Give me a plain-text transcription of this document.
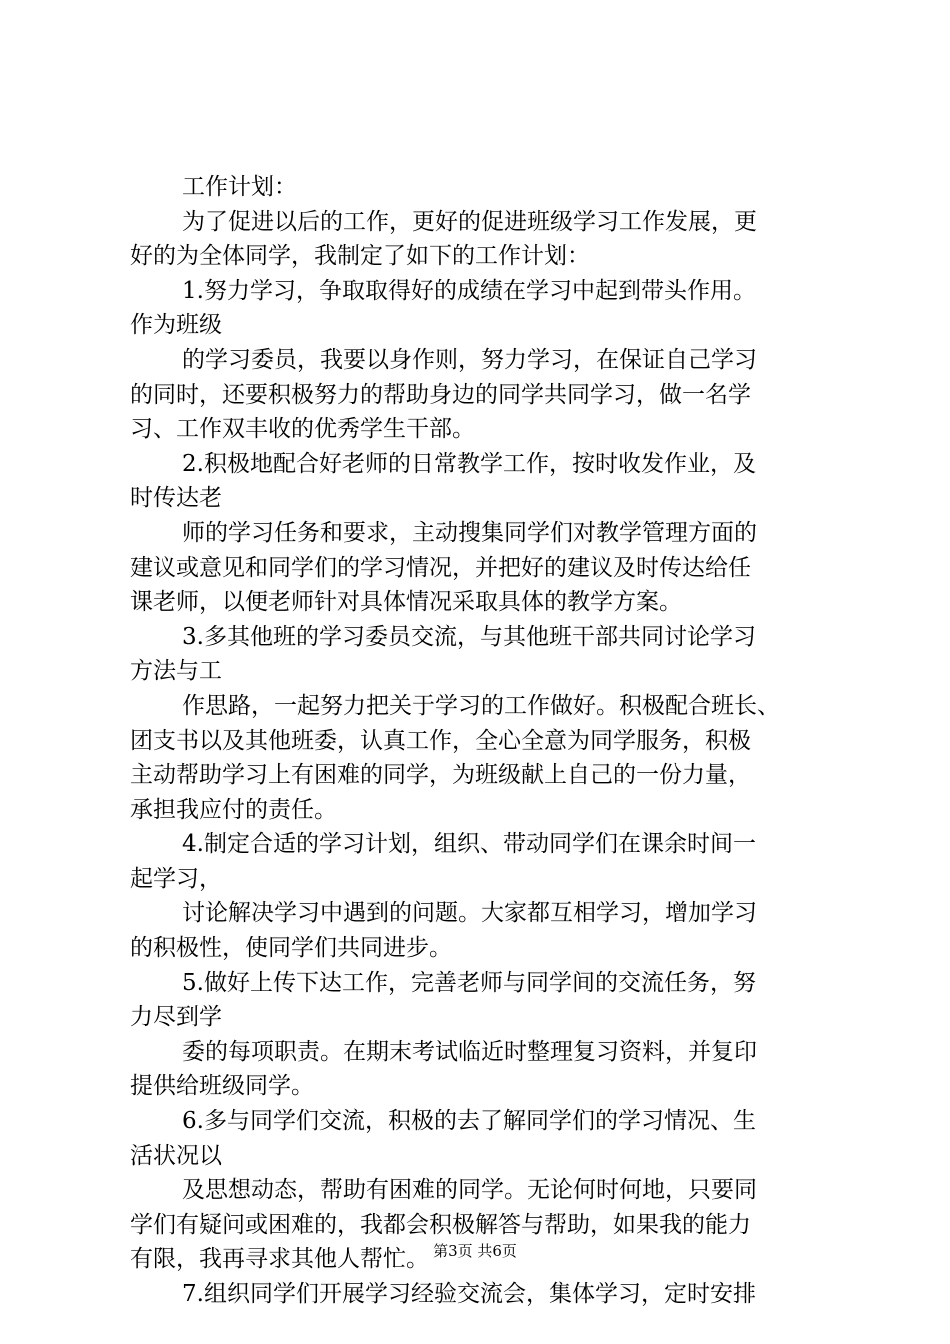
工作计划：
为了促进以后的工作，更好的促进班级学习工作发展，更
好的为全体同学，我制定了如下的工作计划：
1.努力学习，争取取得好的成绩在学习中起到带头作用。
作为班级
的学习委员，我要以身作则，努力学习，在保证自己学习
的同时，还要积极努力的帮助身边的同学共同学习，做一名学
习、工作双丰收的优秀学生干部。
2.积极地配合好老师的日常教学工作，按时收发作业，及
时传达老
师的学习任务和要求，主动搜集同学们对教学管理方面的
建议或意见和同学们的学习情况，并把好的建议及时传达给任
课老师，以便老师针对具体情况采取具体的教学方案。
3.多其他班的学习委员交流，与其他班干部共同讨论学习
方法与工
作思路，一起努力把关于学习的工作做好。积极配合班长、
团支书以及其他班委，认真工作，全心全意为同学服务，积极
主动帮助学习上有困难的同学，为班级献上自己的一份力量，
承担我应付的责任。
4.制定合适的学习计划，组织、带动同学们在课余时间一
起学习，
讨论解决学习中遇到的问题。大家都互相学习，增加学习
的积极性，使同学们共同进步。
5.做好上传下达工作，完善老师与同学间的交流任务，努
力尽到学
委的每项职责。在期末考试临近时整理复习资料，并复印
提供给班级同学。
6.多与同学们交流，积极的去了解同学们的学习情况、生
活状况以
及思想动态，帮助有困难的同学。无论何时何地，只要同
学们有疑问或困难的，我都会积极解答与帮助，如果我的能力
有限，我再寻求其他人帮忙。
7.组织同学们开展学习经验交流会，集体学习，定时安排
第3页 共6页
